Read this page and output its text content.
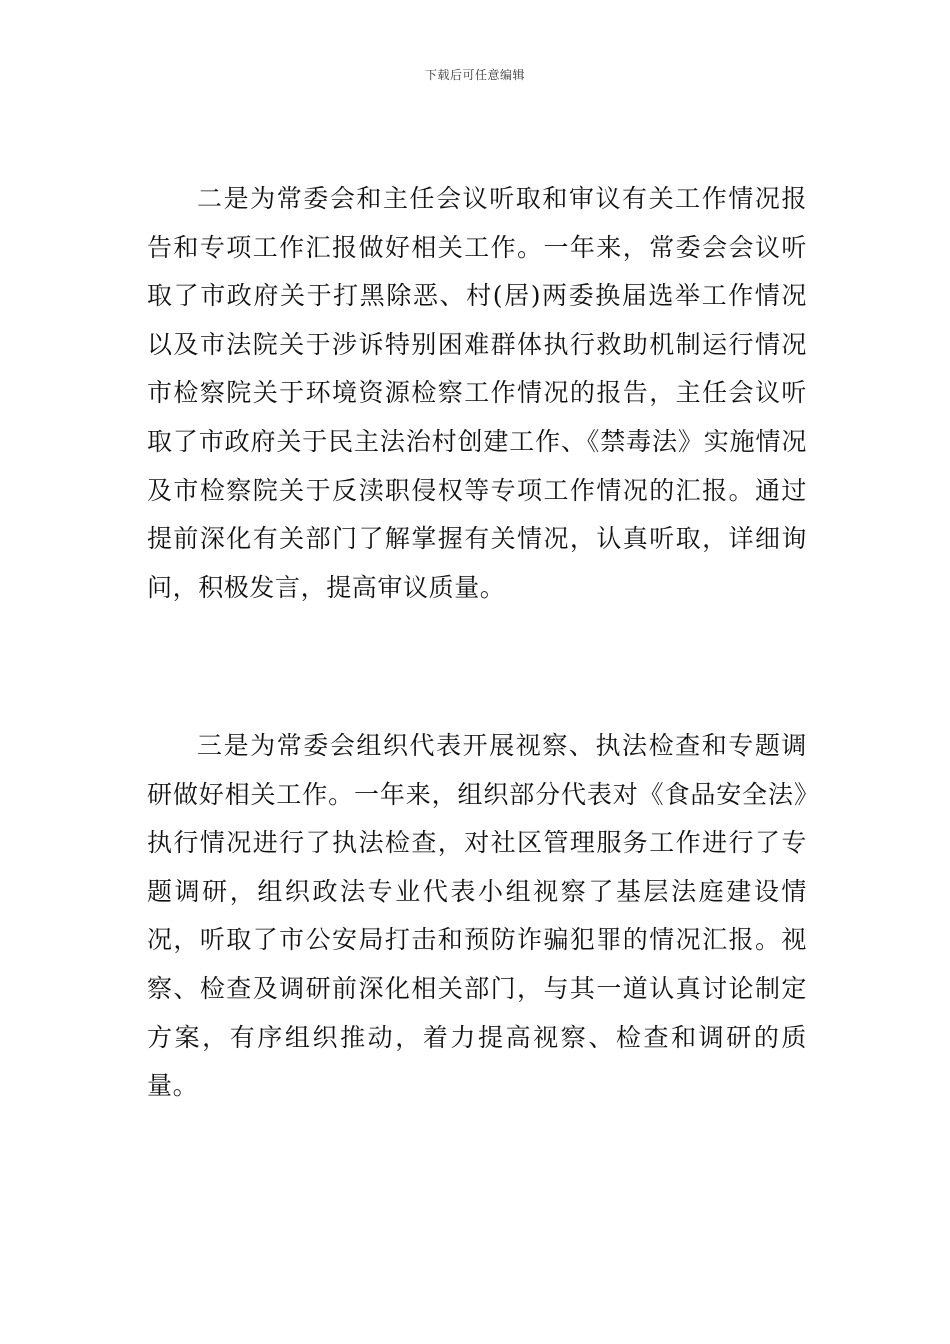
下载后可任意编辑

二是为常委会和主任会议听取和审议有关工作情况报告和专项工作汇报做好相关工作。一年来，常委会会议听取了市政府关于打黑除恶、村(居)两委换届选举工作情况以及市法院关于涉诉特别困难群体执行救助机制运行情况市检察院关于环境资源检察工作情况的报告，主任会议听取了市政府关于民主法治村创建工作、《禁毒法》实施情况及市检察院关于反渎职侵权等专项工作情况的汇报。通过提前深化有关部门了解掌握有关情况，认真听取，详细询问，积极发言，提高审议质量。

三是为常委会组织代表开展视察、执法检查和专题调研做好相关工作。一年来，组织部分代表对《食品安全法》执行情况进行了执法检查，对社区管理服务工作进行了专题调研，组织政法专业代表小组视察了基层法庭建设情况，听取了市公安局打击和预防诈骗犯罪的情况汇报。视察、检查及调研前深化相关部门，与其一道认真讨论制定方案，有序组织推动，着力提高视察、检查和调研的质量。
